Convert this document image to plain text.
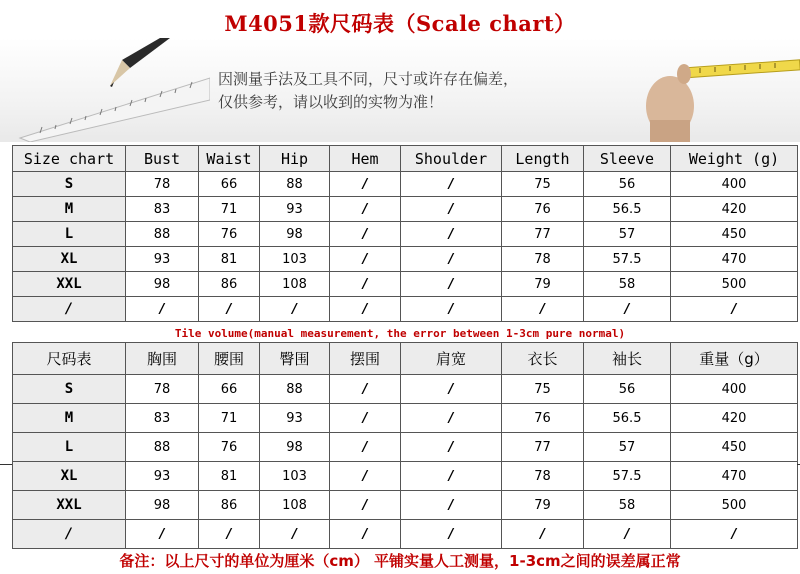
M4051款尺码表（Scale chart）
因测量手法及工具不同，尺寸或许存在偏差，
仅供参考，请以收到的实物为准！
Size chart	Bust	Waist	Hip	Hem	Shoulder	Length	Sleeve	Weight (g)
S	78	66	88	/	/	75	56	400
M	83	71	93	/	/	76	56.5	420
L	88	76	98	/	/	77	57	450
XL	93	81	103	/	/	78	57.5	470
XXL	98	86	108	/	/	79	58	500
/	/	/	/	/	/	/	/	/
Tile volume(manual measurement, the error between 1-3cm pure normal)
尺码表	胸围	腰围	臀围	摆围	肩宽	衣长	袖长	重量（g）
S	78	66	88	/	/	75	56	400
M	83	71	93	/	/	76	56.5	420
L	88	76	98	/	/	77	57	450
XL	93	81	103	/	/	78	57.5	470
XXL	98	86	108	/	/	79	58	500
/	/	/	/	/	/	/	/	/
备注：以上尺寸的单位为厘米（cm） 平铺实量人工测量，1-3cm之间的误差属正常
